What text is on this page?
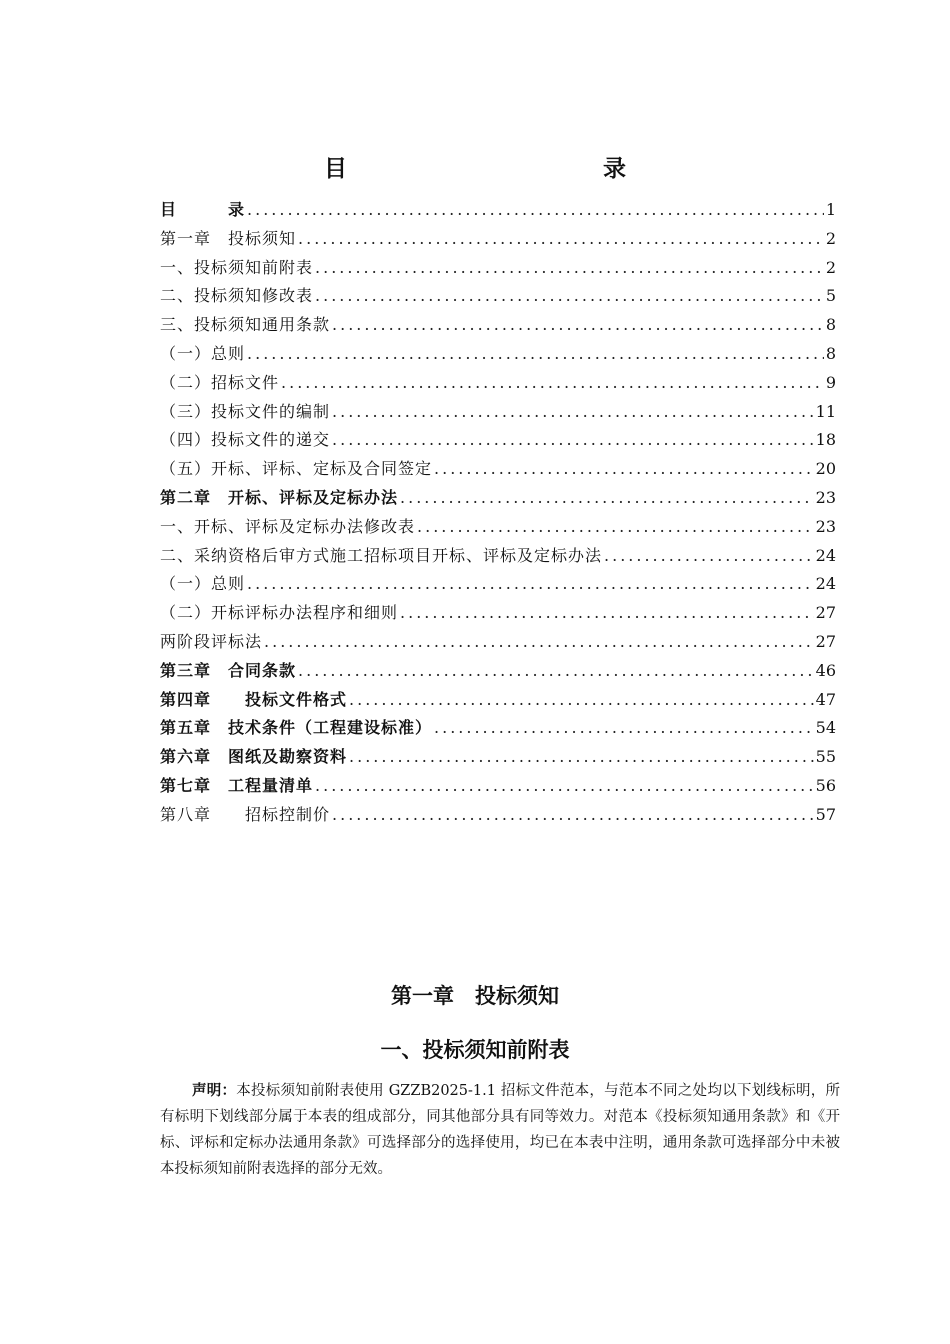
目　　录
目　　　录 .....	1
第一章　投标须知 .....	2
一、投标须知前附表 .....	2
二、投标须知修改表 .....	5
三、投标须知通用条款 .....	8
（一）总则 .....	8
（二）招标文件 .....	9
（三）投标文件的编制 .....	11
（四）投标文件的递交 .....	18
（五）开标、评标、定标及合同签定 .....	20
第二章　开标、评标及定标办法 .....	23
一、开标、评标及定标办法修改表 .....	23
二、采纳资格后审方式施工招标项目开标、评标及定标办法 .....	24
（一）总则 .....	24
（二）开标评标办法程序和细则 .....	27
两阶段评标法 .....	27
第三章　合同条款 .....	46
第四章　　投标文件格式 .....	47
第五章　技术条件（工程建设标准） .....	54
第六章　图纸及勘察资料 .....	55
第七章　工程量清单 .....	56
第八章　　招标控制价 .....	57
第一章　投标须知
一、投标须知前附表
声明：本投标须知前附表使用 GZZB2025-1.1 招标文件范本，与范本不同之处均以下划线标明，所有标明下划线部分属于本表的组成部分，同其他部分具有同等效力。对范本《投标须知通用条款》和《开标、评标和定标办法通用条款》可选择部分的选择使用，均已在本表中注明，通用条款可选择部分中未被本投标须知前附表选择的部分无效。
